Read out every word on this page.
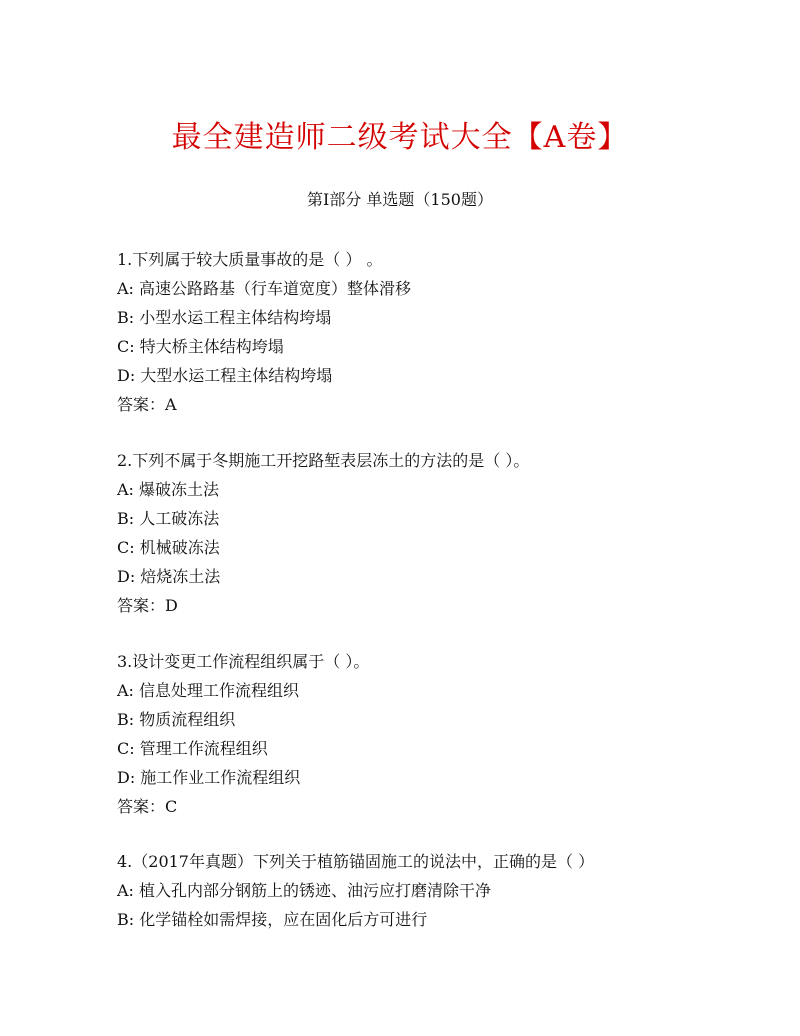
最全建造师二级考试大全【A卷】
第I部分 单选题（150题）
1.下列属于较大质量事故的是（ ） 。
A: 高速公路路基（行车道宽度）整体滑移
B: 小型水运工程主体结构垮塌
C: 特大桥主体结构垮塌
D: 大型水运工程主体结构垮塌
答案：A
2.下列不属于冬期施工开挖路堑表层冻土的方法的是（ ）。
A: 爆破冻土法
B: 人工破冻法
C: 机械破冻法
D: 焙烧冻土法
答案：D
3.设计变更工作流程组织属于（ ）。
A: 信息处理工作流程组织
B: 物质流程组织
C: 管理工作流程组织
D: 施工作业工作流程组织
答案：C
4.（2017年真题）下列关于植筋锚固施工的说法中，正确的是（ ）
A: 植入孔内部分钢筋上的锈迹、油污应打磨清除干净
B: 化学锚栓如需焊接，应在固化后方可进行
